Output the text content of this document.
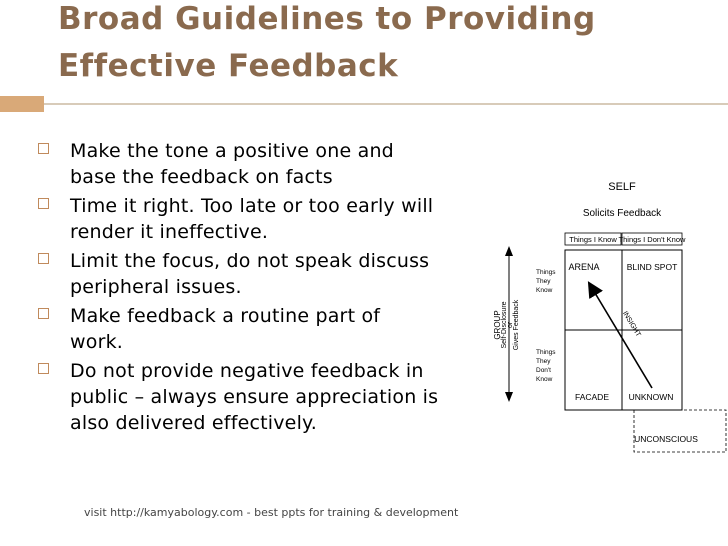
Broad Guidelines to Providing
Effective Feedback
Make the tone a positive one and
base the feedback on facts
Time it right. Too late or too early will
render it ineffective.
Limit the focus, do not speak discuss
peripheral issues.
Make feedback a routine part of
work.
Do not provide negative feedback in
public – always ensure appreciation is
also delivered effectively.
SELF
Solicits Feedback
Things I Know Things I Don't Know
GROUP Self-Disclosure or Gives Feedback
Things They Know
Things They Don't Know
ARENA	BLIND SPOT
FACADE UNKNOWN
INSIGHT
UNCONSCIOUS
visit http://kamyabology.com - best ppts for training & development
